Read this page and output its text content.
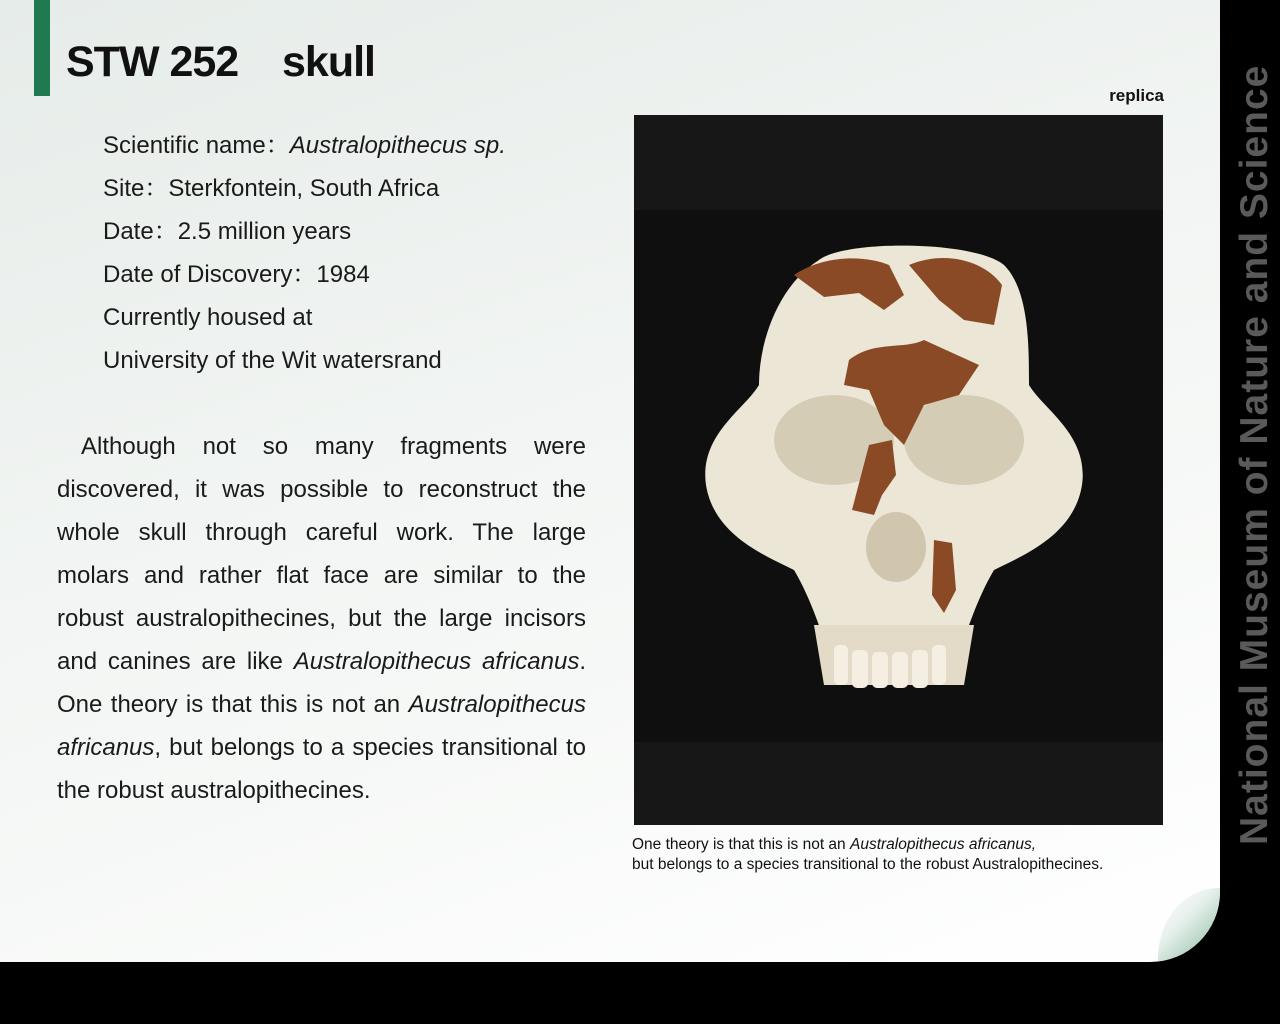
STW 252    skull
Scientific name：Australopithecus sp.
Site：Sterkfontein, South Africa
Date：2.5 million years
Date of Discovery：1984
Currently housed at
University of the Wit watersrand

Although not so many fragments were discovered, it was possible to reconstruct the whole skull through careful work. The large molars and rather flat face are similar to the robust australopithecines, but the large incisors and canines are like Australopithecus africanus. One theory is that this is not an Australopithecus africanus, but belongs to a species transitional to the robust australopithecines.

replica
One theory is that this is not an Australopithecus africanus,
but belongs to a species transitional to the robust Australopithecines.
National Museum of Nature and Science
